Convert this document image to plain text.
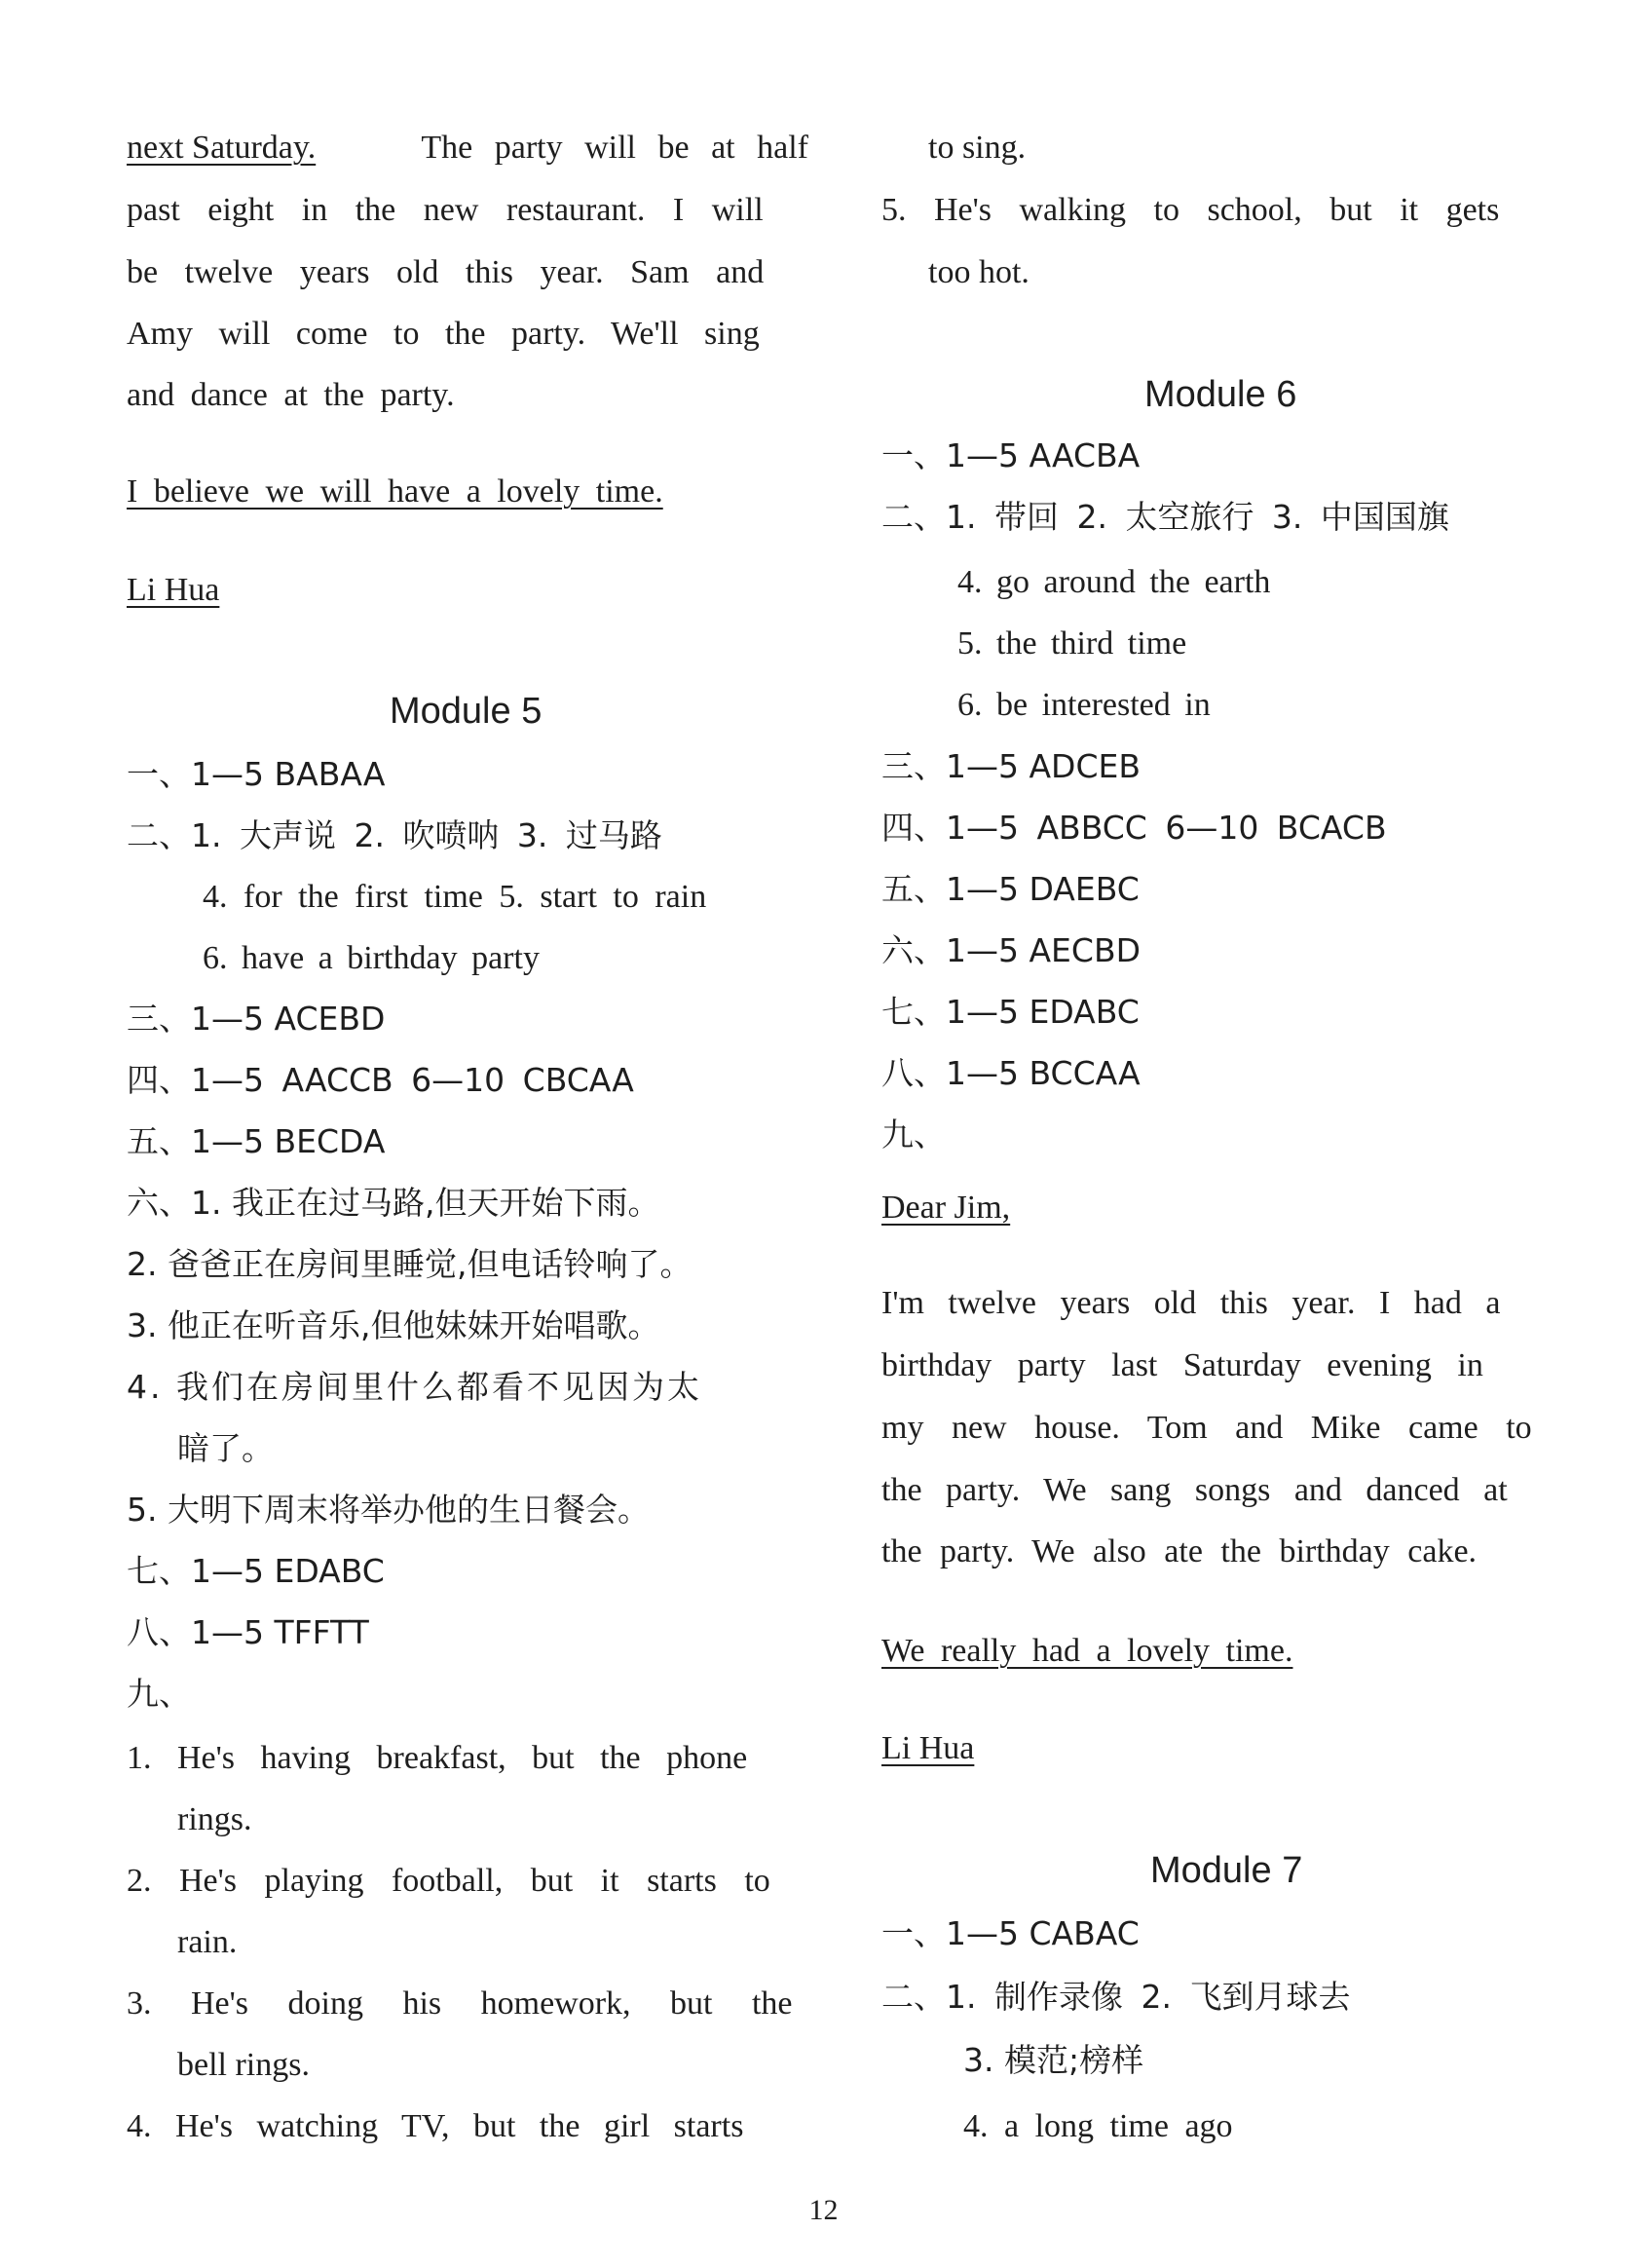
next Saturday.	The party will be at half
past eight in the new restaurant. I will
be twelve years old this year. Sam and
Amy will come to the party. We'll sing
and dance at the party.
I believe we will have a lovely time.
Li Hua
Module 5
一、1—5 BABAA
二、1. 大声说 2. 吹喷呐 3. 过马路
4. for the first time 5. start to rain
6. have a birthday party
三、1—5 ACEBD
四、1—5 AACCB 6—10 CBCAA
五、1—5 BECDA
六、1. 我正在过马路,但天开始下雨。
2. 爸爸正在房间里睡觉,但电话铃响了。
3. 他正在听音乐,但他妹妹开始唱歌。
4. 我们在房间里什么都看不见因为太
暗了。
5. 大明下周末将举办他的生日餐会。
七、1—5 EDABC
八、1—5 TFFTT
九、
1. He's having breakfast, but the phone
rings.
2. He's playing football, but it starts to
rain.
3. He's doing his homework, but the
bell rings.
4. He's watching TV, but the girl starts
to sing.
5. He's walking to school, but it gets
too hot.
Module 6
一、1—5 AACBA
二、1. 带回 2. 太空旅行 3. 中国国旗
4. go around the earth
5. the third time
6. be interested in
三、1—5 ADCEB
四、1—5 ABBCC 6—10 BCACB
五、1—5 DAEBC
六、1—5 AECBD
七、1—5 EDABC
八、1—5 BCCAA
九、
Dear Jim,
I'm twelve years old this year. I had a
birthday party last Saturday evening in
my new house. Tom and Mike came to
the party. We sang songs and danced at
the party. We also ate the birthday cake.
We really had a lovely time.
Li Hua
Module 7
一、1—5 CABAC
二、1. 制作录像 2. 飞到月球去
3. 模范;榜样
4. a long time ago
12
